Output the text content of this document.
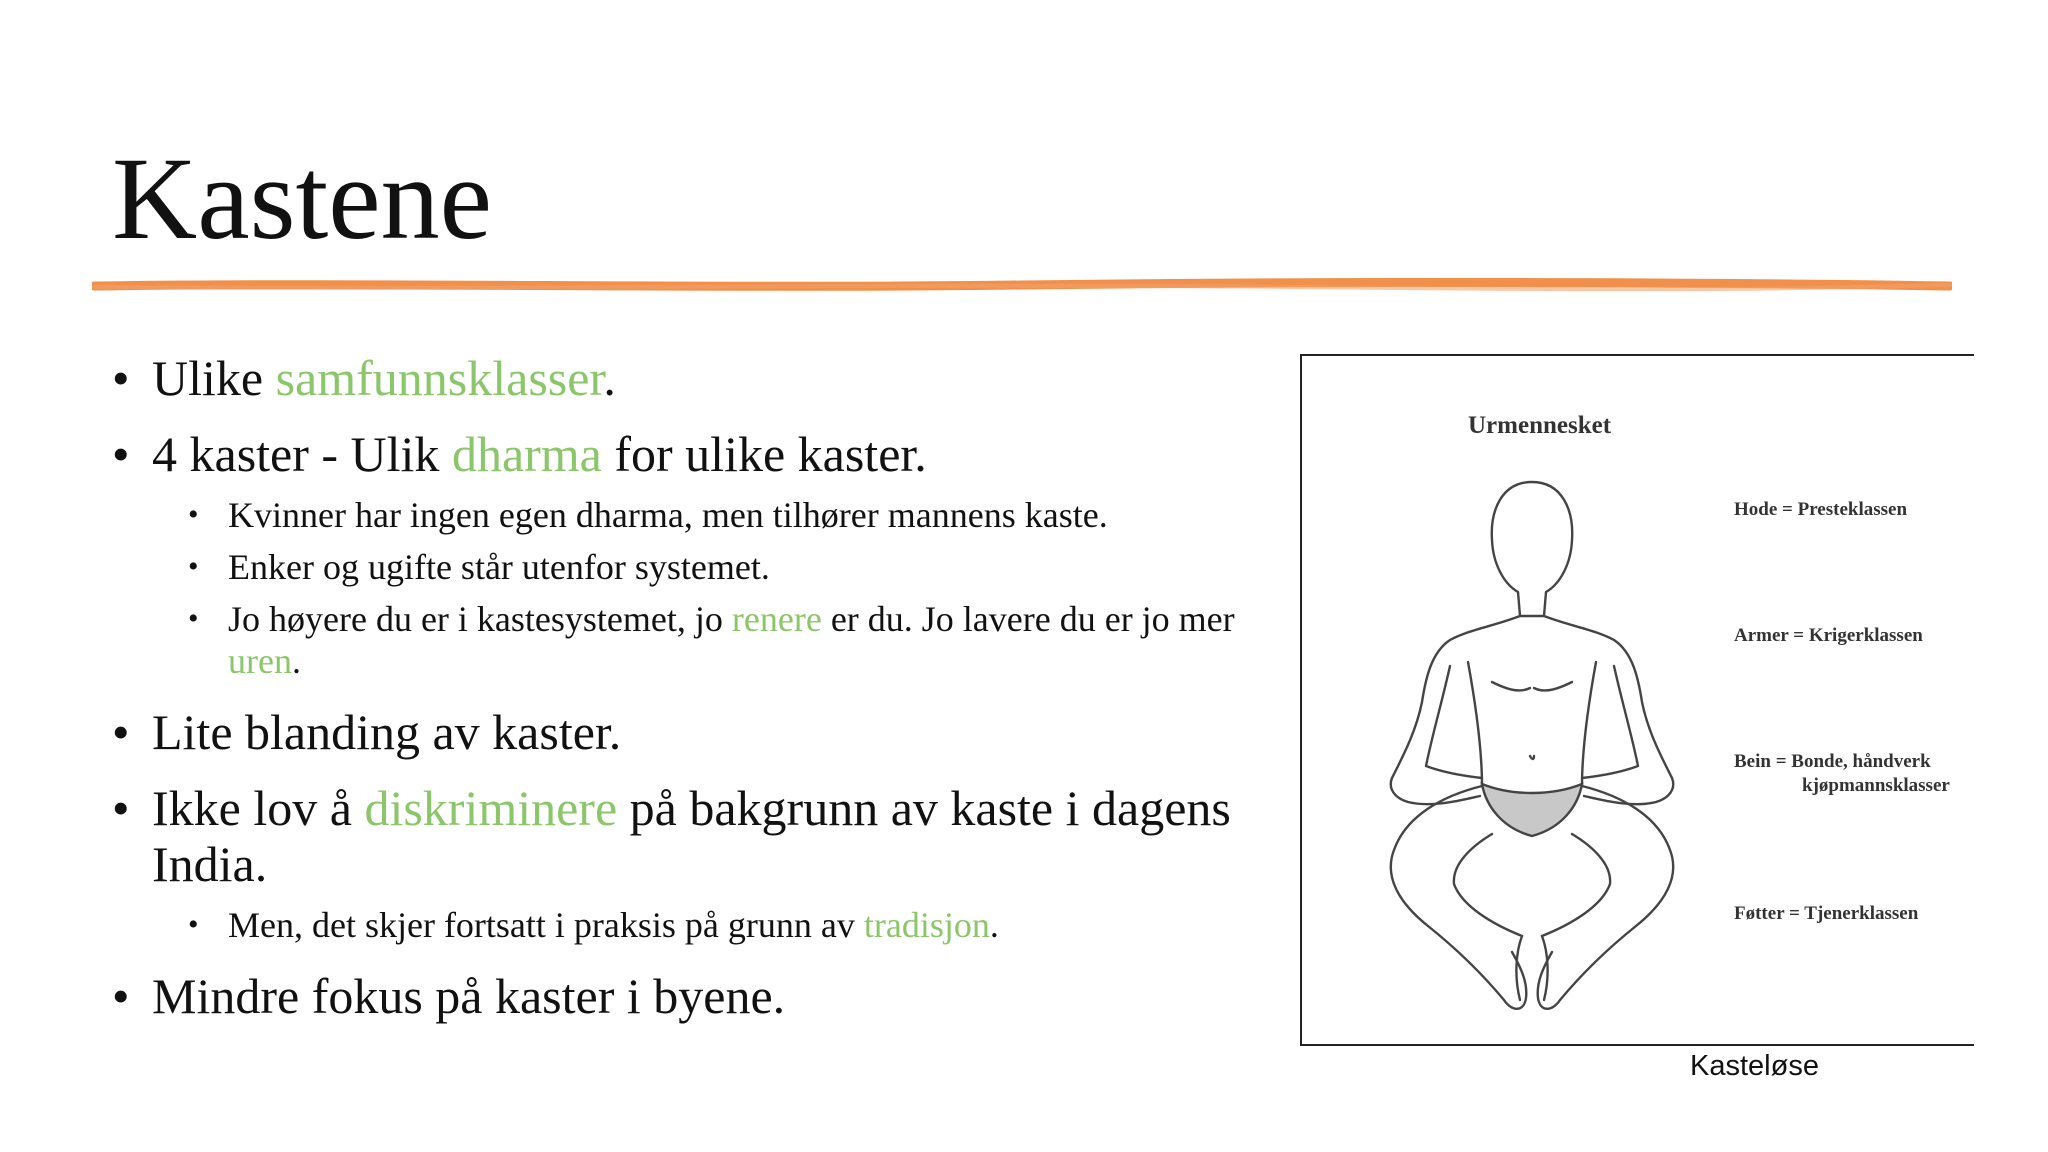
Kastene
• Ulike samfunnsklasser.
• 4 kaster - Ulik dharma for ulike kaster.
• Kvinner har ingen egen dharma, men tilhører mannens kaste.
• Enker og ugifte står utenfor systemet.
• Jo høyere du er i kastesystemet, jo renere er du. Jo lavere du er jo mer uren.
• Lite blanding av kaster.
• Ikke lov å diskriminere på bakgrunn av kaste i dagens India.
• Men, det skjer fortsatt i praksis på grunn av tradisjon.
• Mindre fokus på kaster i byene.
Urmennesket
Hode = Presteklassen
Armer = Krigerklassen
Bein = Bonde, håndverk
kjøpmannsklasser
Føtter = Tjenerklassen
Kasteløse
